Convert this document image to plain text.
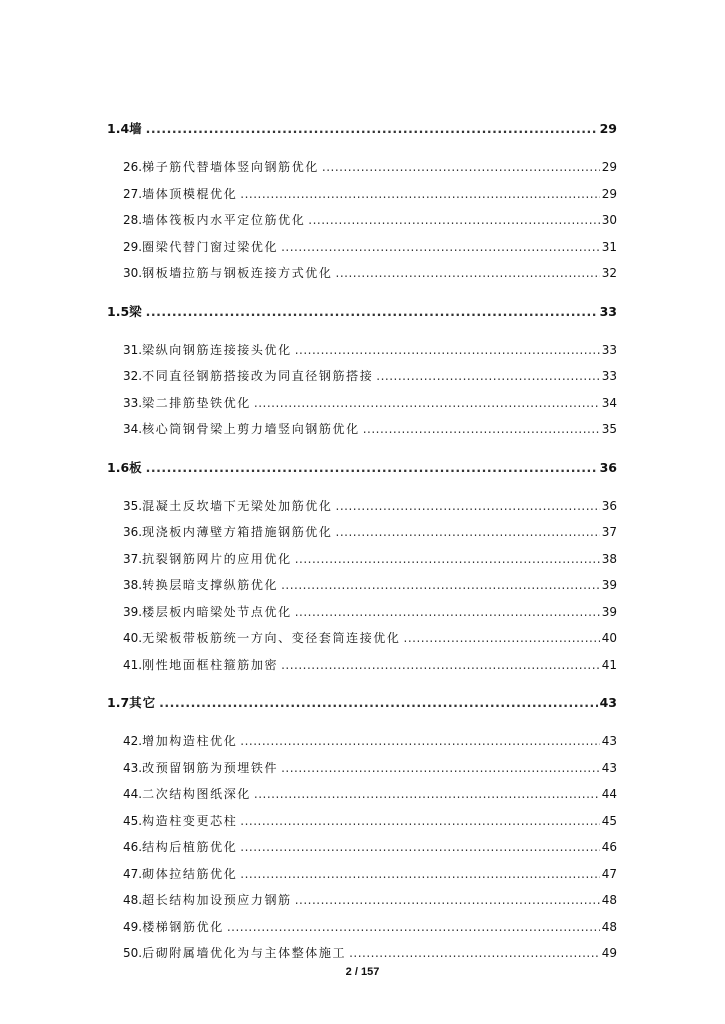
1.4 墙 .....	29
26. 梯子筋代替墙体竖向钢筋优化 .....	29
27. 墙体顶模棍优化 .....	29
28. 墙体筏板内水平定位筋优化 .....	30
29. 圈梁代替门窗过梁优化 .....	31
30. 钢板墙拉筋与钢板连接方式优化 .....	32
1.5 梁 .....	33
31. 梁纵向钢筋连接接头优化 .....	33
32. 不同直径钢筋搭接改为同直径钢筋搭接 .....	33
33. 梁二排筋垫铁优化 .....	34
34. 核心筒钢骨梁上剪力墙竖向钢筋优化 .....	35
1.6 板 .....	36
35. 混凝土反坎墙下无梁处加筋优化 .....	36
36. 现浇板内薄壁方箱措施钢筋优化 .....	37
37. 抗裂钢筋网片的应用优化 .....	38
38. 转换层暗支撑纵筋优化 .....	39
39. 楼层板内暗梁处节点优化 .....	39
40. 无梁板带板筋统一方向、变径套筒连接优化 .....	40
41. 刚性地面框柱箍筋加密 .....	41
1.7 其它 .....	43
42. 增加构造柱优化 .....	43
43. 改预留钢筋为预埋铁件 .....	43
44. 二次结构图纸深化 .....	44
45. 构造柱变更芯柱 .....	45
46. 结构后植筋优化 .....	46
47. 砌体拉结筋优化 .....	47
48. 超长结构加设预应力钢筋 .....	48
49. 楼梯钢筋优化 .....	48
50. 后砌附属墙优化为与主体整体施工 .....	49
2 / 157
